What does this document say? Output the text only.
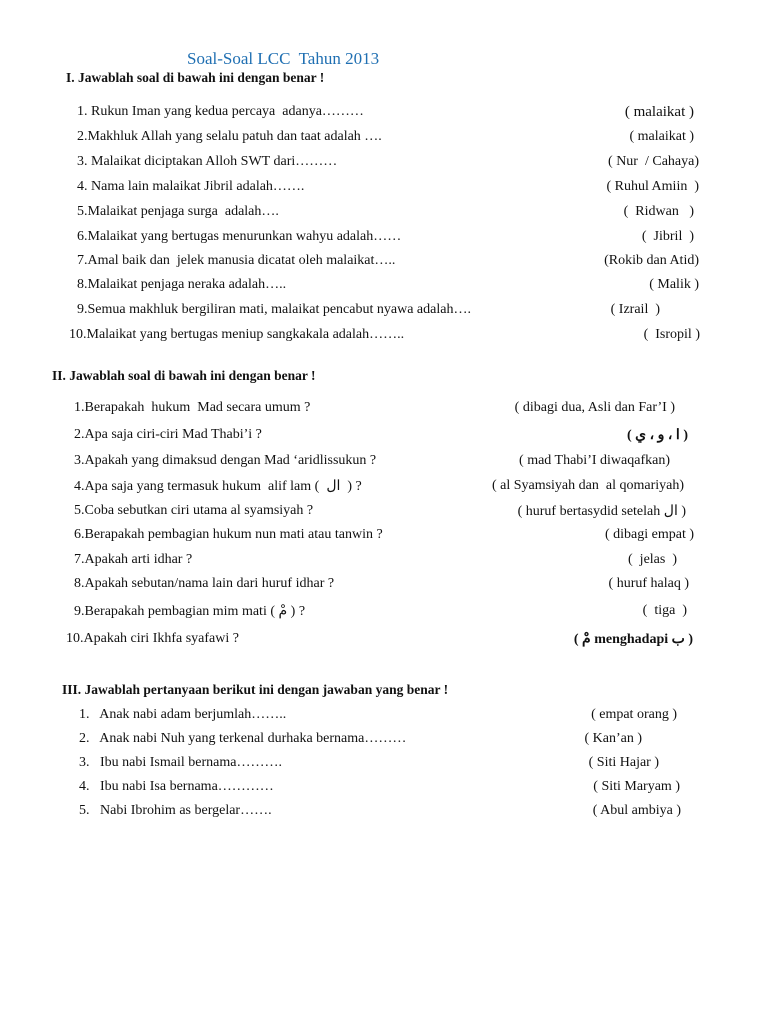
Soal-Soal LCC  Tahun 2013
I. Jawablah soal di bawah ini dengan benar !

1. Rukun Iman yang kedua percaya  adanya………

	( malaikat )

2.Makhluk Allah yang selalu patuh dan taat adalah ….

	( malaikat )

3. Malaikat diciptakan Alloh SWT dari………

	( Nur  / Cahaya)

4. Nama lain malaikat Jibril adalah…….

	( Ruhul Amiin  )

5.Malaikat penjaga surga  adalah….

	(  Ridwan   )

6.Malaikat yang bertugas menurunkan wahyu adalah……

	(  Jibril  )

7.Amal baik dan  jelek manusia dicatat oleh malaikat…..

	(Rokib dan Atid)

8.Malaikat penjaga neraka adalah…..

	( Malik )

9.Semua makhluk bergiliran mati, malaikat pencabut nyawa adalah….

	( Izrail  )

10.Malaikat yang bertugas meniup sangkakala adalah……..

	(  Isropil )

II. Jawablah soal di bawah ini dengan benar !

1.Berapakah  hukum  Mad secara umum ?

	( dibagi dua, Asli dan Far’I )

2.Apa saja ciri-ciri Mad Thabi’i ?

	( ا ، و ، ي )

3.Apakah yang dimaksud dengan Mad ‘aridlissukun ?

	( mad Thabi’I diwaqafkan)

4.Apa saja yang termasuk hukum  alif lam (  ال  ) ?

	( al Syamsiyah dan  al qomariyah)

5.Coba sebutkan ciri utama al syamsiyah ?

	( huruf bertasydid setelah ال )

6.Berapakah pembagian hukum nun mati atau tanwin ?

	( dibagi empat )

7.Apakah arti idhar ?

	(  jelas  )

8.Apakah sebutan/nama lain dari huruf idhar ?

	( huruf halaq )

9.Berapakah pembagian mim mati ( مْ ) ?

	(  tiga  )

10.Apakah ciri Ikhfa syafawi ?

	( مْ menghadapi ب )

III. Jawablah pertanyaan berikut ini dengan jawaban yang benar !

1.   Anak nabi adam berjumlah……..

	( empat orang )

2.   Anak nabi Nuh yang terkenal durhaka bernama………

	( Kan’an )

3.   Ibu nabi Ismail bernama……….

	( Siti Hajar )

4.   Ibu nabi Isa bernama…………

	( Siti Maryam )

5.   Nabi Ibrohim as bergelar…….

	( Abul ambiya )
